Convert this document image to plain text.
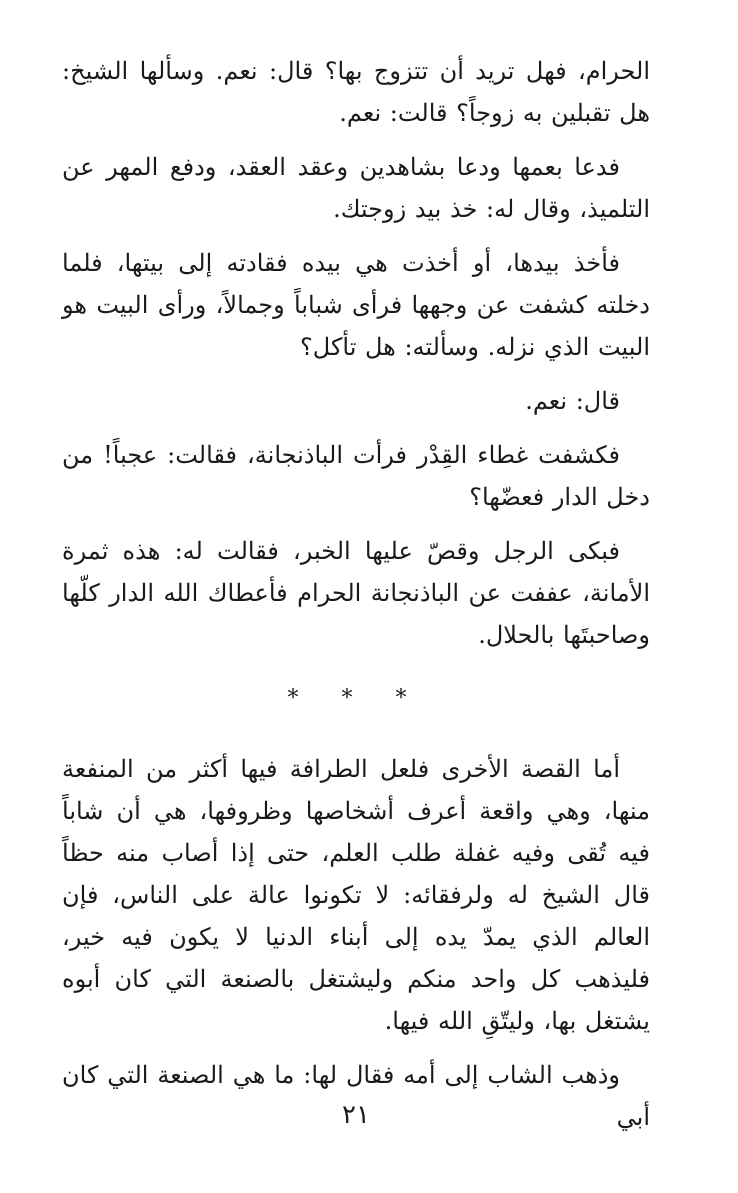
الحرام، فهل تريد أن تتزوج بها؟ قال: نعم. وسألها الشيخ: هل تقبلين به زوجاً؟ قالت: نعم.

فدعا بعمها ودعا بشاهدين وعقد العقد، ودفع المهر عن التلميذ، وقال له: خذ بيد زوجتك.

فأخذ بيدها، أو أخذت هي بيده فقادته إلى بيتها، فلما دخلته كشفت عن وجهها فرأى شباباً وجمالاً، ورأى البيت هو البيت الذي نزله. وسألته: هل تأكل؟

قال: نعم.

فكشفت غطاء القِدْر فرأت الباذنجانة، فقالت: عجباً! من دخل الدار فعضّها؟

فبكى الرجل وقصّ عليها الخبر، فقالت له: هذه ثمرة الأمانة، عففت عن الباذنجانة الحرام فأعطاك الله الدار كلّها وصاحبتَها بالحلال.

* * *

أما القصة الأخرى فلعل الطرافة فيها أكثر من المنفعة منها، وهي واقعة أعرف أشخاصها وظروفها، هي أن شاباً فيه تُقى وفيه غفلة طلب العلم، حتى إذا أصاب منه حظاً قال الشيخ له ولرفقائه: لا تكونوا عالة على الناس، فإن العالم الذي يمدّ يده إلى أبناء الدنيا لا يكون فيه خير، فليذهب كل واحد منكم وليشتغل بالصنعة التي كان أبوه يشتغل بها، وليتّقِ الله فيها.

وذهب الشاب إلى أمه فقال لها: ما هي الصنعة التي كان أبي

٢١
